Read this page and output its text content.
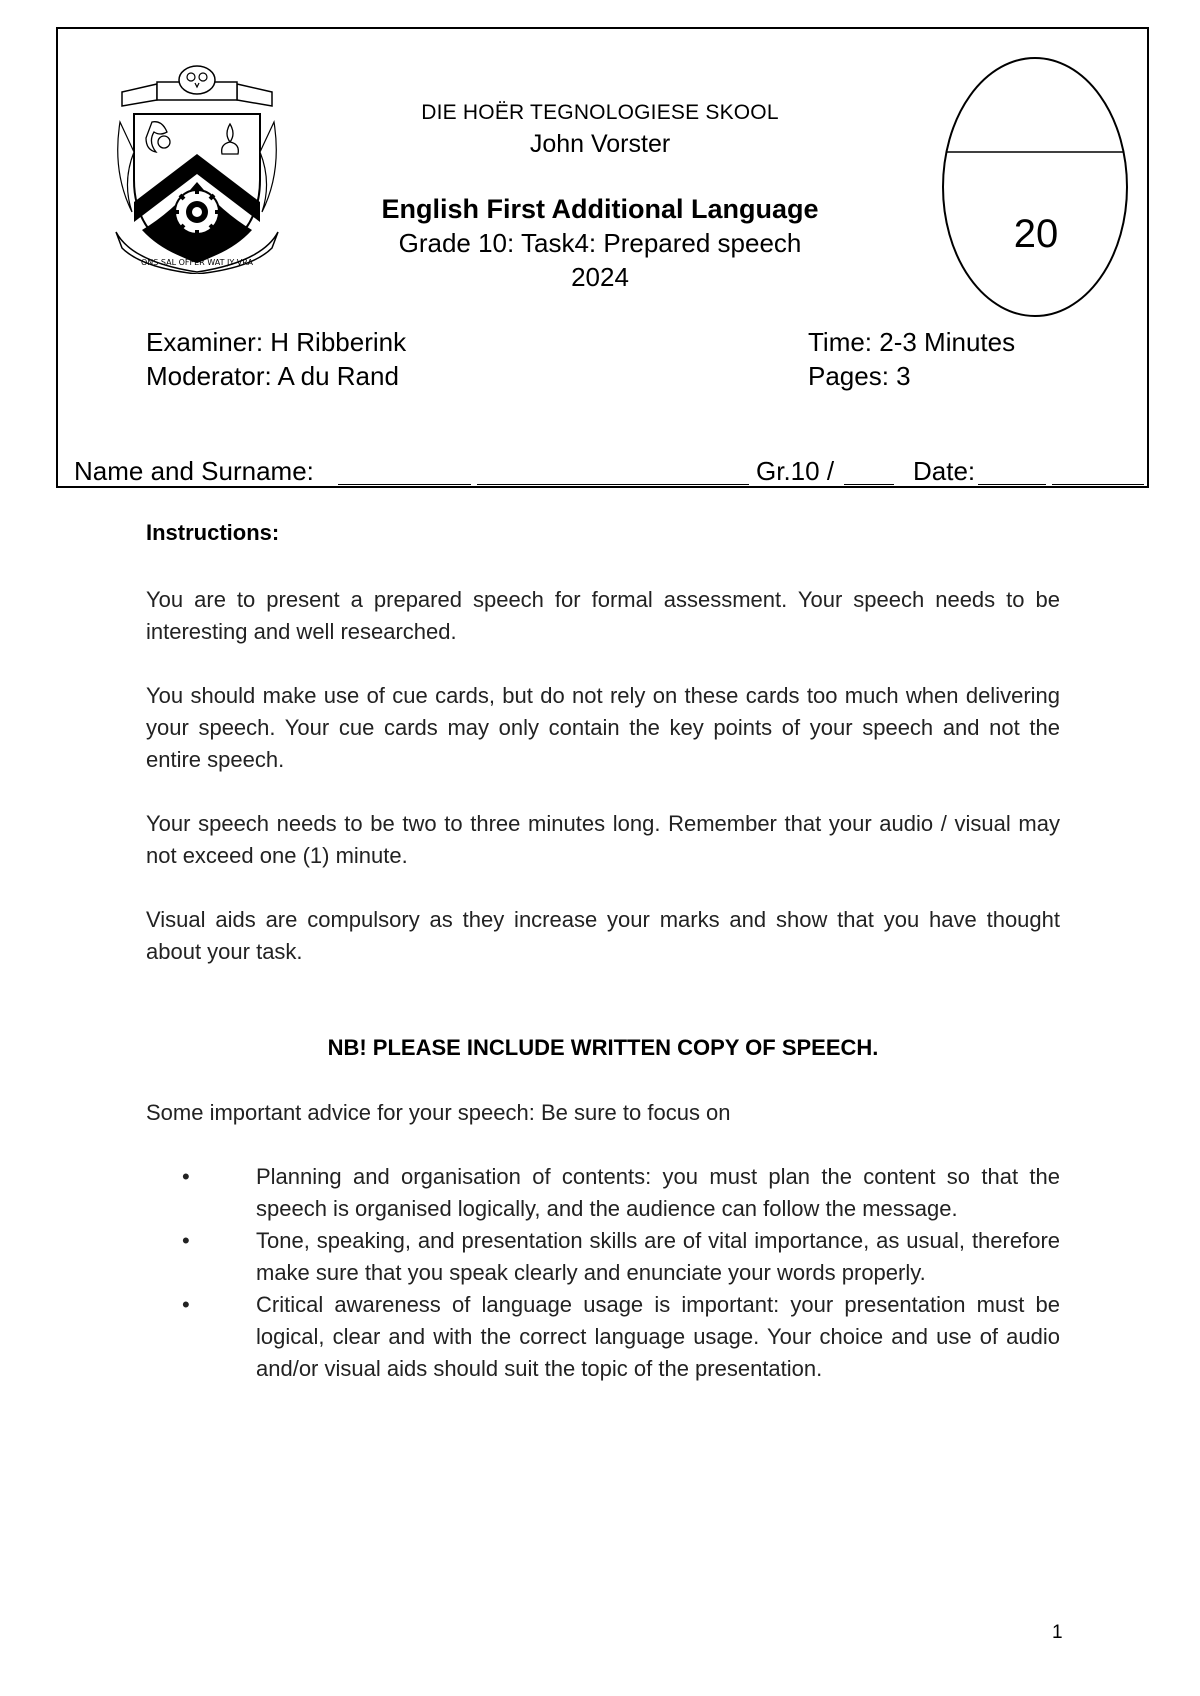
ONS SAL OFFER WAT JY VRA
DIE HOËR TEGNOLOGIESE SKOOL
John Vorster
English First Additional Language
Grade 10: Task4: Prepared speech
2024
20
Examiner: H Ribberink
Moderator: A du Rand
Time: 2-3 Minutes
Pages: 3
Name and Surname:	Gr.10 /	Date:
Instructions:
You are to present a prepared speech for formal assessment. Your speech needs to be interesting and well researched.
You should make use of cue cards, but do not rely on these cards too much when delivering your speech. Your cue cards may only contain the key points of your speech and not the entire speech.
Your speech needs to be two to three minutes long. Remember that your audio / visual may not exceed one (1) minute.
Visual aids are compulsory as they increase your marks and show that you have thought about your task.
NB! PLEASE INCLUDE WRITTEN COPY OF SPEECH.
Some important advice for your speech: Be sure to focus on
•	Planning and organisation of contents: you must plan the content so that the speech is organised logically, and the audience can follow the message.
•	Tone, speaking, and presentation skills are of vital importance, as usual, therefore make sure that you speak clearly and enunciate your words properly.
•	Critical awareness of language usage is important: your presentation must be logical, clear and with the correct language usage. Your choice and use of audio and/or visual aids should suit the topic of the presentation.
1
